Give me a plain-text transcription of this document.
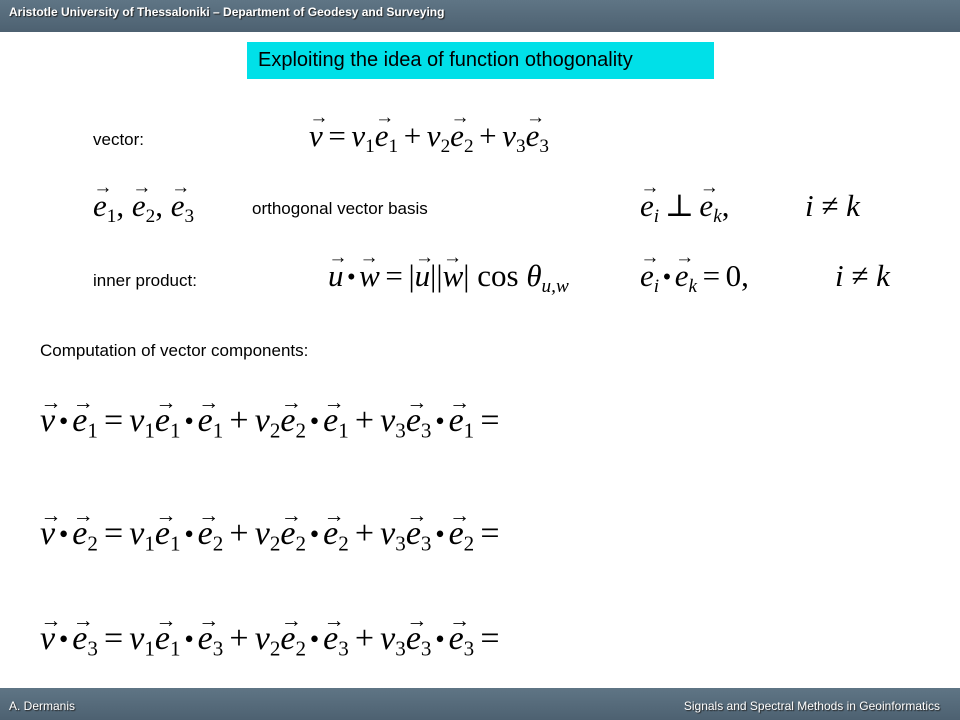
Aristotle University of Thessaloniki – Department of Geodesy and Surveying
Exploiting the idea of function othogonality
vector:
→	$v = v_1\to e_1 + v_2\to e_2 + v_3\to e_3$
→ $e_1$, → $e_2$, → $e_3$	orthogonal vector basis
→	$e_i$ ⊥→ $e_k$, i ≠ k
inner product:
→	u •→ w = |→ u||→ w| $\cos \theta_{u,w}$
→ $e_i$ •→ $e_k = 0$,	i ≠ k
Computation of vector components:
→ v •→ $e_1 = v_1\to e_1$ •→ $e_1 + v_2\to e_2$ •→ $e_1 + v_3\to e_3$ •→ $e_1$ =
→ v •→ $e_2 = v_1\to e_1$ •→ $e_2 + v_2\to e_2$ •→ $e_2 + v_3\to e_3$ •→ $e_2$ =
→ v •→ $e_3 = v_1\to e_1$ •→ $e_3 + v_2\to e_2$ •→ $e_3 + v_3\to e_3$ •→ $e_3$ =
A. Dermanis	Signals and Spectral Methods in Geoinformatics
